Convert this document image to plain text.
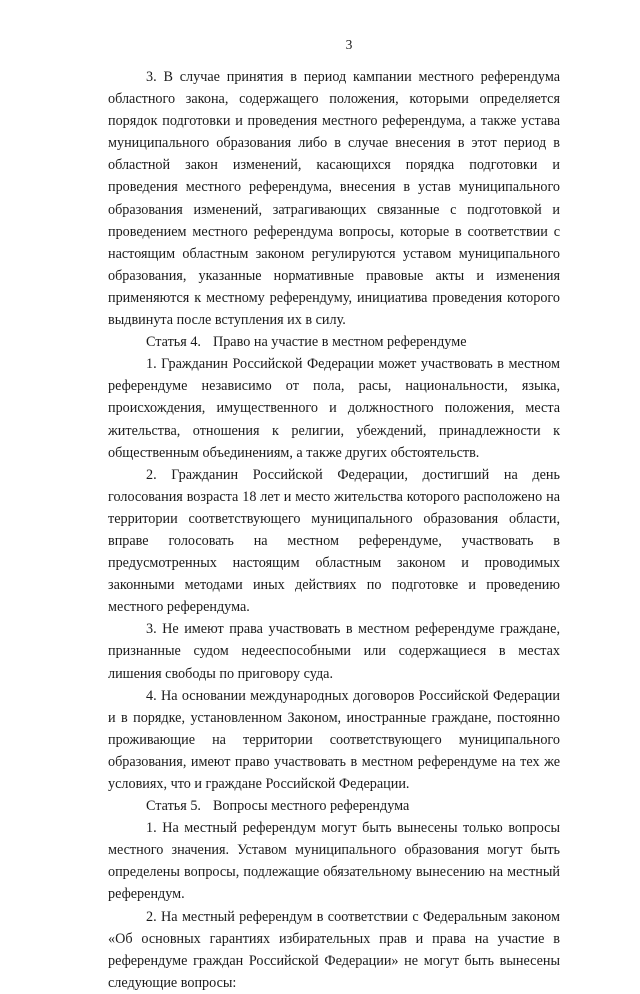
3

3. В случае принятия в период кампании местного референдума областного закона, содержащего положения, которыми определяется порядок подготовки и проведения местного референдума, а также устава муниципального образования либо в случае внесения в этот период в областной закон изменений, касающихся порядка подготовки и проведения местного референдума, внесения в устав муниципального образования изменений, затрагивающих связанные с подготовкой и проведением местного референдума вопросы, которые в соответствии с настоящим областным законом регулируются уставом муниципального образования, указанные нормативные правовые акты и изменения применяются к местному референдуму, инициатива проведения которого выдвинута после вступления их в силу.

Статья 4. Право на участие в местном референдуме

1. Гражданин Российской Федерации может участвовать в местном референдуме независимо от пола, расы, национальности, языка, происхождения, имущественного и должностного положения, места жительства, отношения к религии, убеждений, принадлежности к общественным объединениям, а также других обстоятельств.

2. Гражданин Российской Федерации, достигший на день голосования возраста 18 лет и место жительства которого расположено на территории соответствующего муниципального образования области, вправе голосовать на местном референдуме, участвовать в предусмотренных настоящим областным законом и проводимых законными методами иных действиях по подготовке и проведению местного референдума.

3. Не имеют права участвовать в местном референдуме граждане, признанные судом недееспособными или содержащиеся в местах лишения свободы по приговору суда.

4. На основании международных договоров Российской Федерации и в порядке, установленном Законом, иностранные граждане, постоянно проживающие на территории соответствующего муниципального образования, имеют право участвовать в местном референдуме на тех же условиях, что и граждане Российской Федерации.

Статья 5. Вопросы местного референдума

1. На местный референдум могут быть вынесены только вопросы местного значения. Уставом муниципального образования могут быть определены вопросы, подлежащие обязательному вынесению на местный референдум.

2. На местный референдум в соответствии с Федеральным законом «Об основных гарантиях избирательных прав и права на участие в референдуме граждан Российской Федерации» не могут быть вынесены следующие вопросы:
